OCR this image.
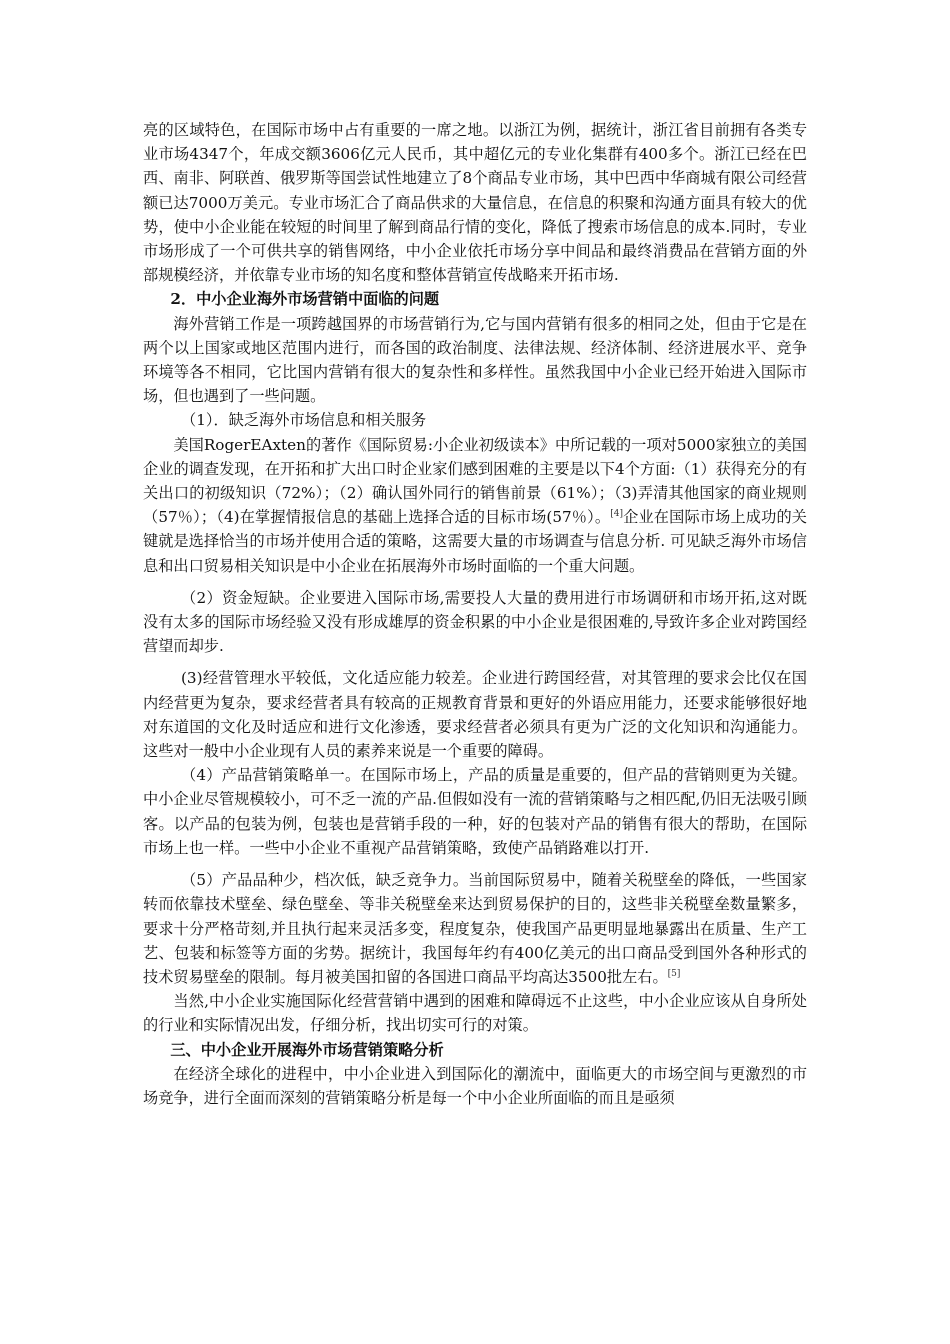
亮的区域特色，在国际市场中占有重要的一席之地。以浙江为例，据统计，浙江省目前拥有各类专业市场4347个，年成交额3606亿元人民币，其中超亿元的专业化集群有400多个。浙江已经在巴西、南非、阿联酋、俄罗斯等国尝试性地建立了8个商品专业市场，其中巴西中华商城有限公司经营额已达7000万美元。专业市场汇合了商品供求的大量信息，在信息的积聚和沟通方面具有较大的优势，使中小企业能在较短的时间里了解到商品行情的变化，降低了搜索市场信息的成本.同时，专业市场形成了一个可供共享的销售网络，中小企业依托市场分享中间品和最终消费品在营销方面的外部规模经济，并依靠专业市场的知名度和整体营销宣传战略来开拓市场.

2．中小企业海外市场营销中面临的问题

海外营销工作是一项跨越国界的市场营销行为,它与国内营销有很多的相同之处，但由于它是在两个以上国家或地区范围内进行，而各国的政治制度、法律法规、经济体制、经济进展水平、竞争环境等各不相同，它比国内营销有很大的复杂性和多样性。虽然我国中小企业已经开始进入国际市场，但也遇到了一些问题。

（1）．缺乏海外市场信息和相关服务

美国RogerEAxten的著作《国际贸易:小企业初级读本》中所记载的一项对5000家独立的美国企业的调查发现，在开拓和扩大出口时企业家们感到困难的主要是以下4个方面:（1）获得充分的有关出口的初级知识（72%）；（2）确认国外同行的销售前景（61%）；（3)弄清其他国家的商业规则（57％）；（4)在掌握情报信息的基础上选择合适的目标市场(57％）。[4]企业在国际市场上成功的关键就是选择恰当的市场并使用合适的策略，这需要大量的市场调查与信息分析. 可见缺乏海外市场信息和出口贸易相关知识是中小企业在拓展海外市场时面临的一个重大问题。

（2）资金短缺。企业要进入国际市场,需要投人大量的费用进行市场调研和市场开拓,这对既没有太多的国际市场经验又没有形成雄厚的资金积累的中小企业是很困难的,导致许多企业对跨国经营望而却步.

(3)经营管理水平较低，文化适应能力较差。企业进行跨国经营，对其管理的要求会比仅在国内经营更为复杂，要求经营者具有较高的正规教育背景和更好的外语应用能力，还要求能够很好地对东道国的文化及时适应和进行文化渗透，要求经营者必须具有更为广泛的文化知识和沟通能力。这些对一般中小企业现有人员的素养来说是一个重要的障碍。

（4）产品营销策略单一。在国际市场上，产品的质量是重要的，但产品的营销则更为关键。中小企业尽管规模较小，可不乏一流的产品.但假如没有一流的营销策略与之相匹配,仍旧无法吸引顾客。以产品的包装为例，包装也是营销手段的一种，好的包装对产品的销售有很大的帮助，在国际市场上也一样。一些中小企业不重视产品营销策略，致使产品销路难以打开.

（5）产品品种少，档次低，缺乏竞争力。当前国际贸易中，随着关税壁垒的降低，一些国家转而依靠技术壁垒、绿色壁垒、等非关税壁垒来达到贸易保护的目的，这些非关税壁垒数量繁多，要求十分严格苛刻,并且执行起来灵活多变，程度复杂，使我国产品更明显地暴露出在质量、生产工艺、包装和标签等方面的劣势。据统计，我国每年约有400亿美元的出口商品受到国外各种形式的技术贸易壁垒的限制。每月被美国扣留的各国进口商品平均高达3500批左右。[5]

当然,中小企业实施国际化经营营销中遇到的困难和障碍远不止这些，中小企业应该从自身所处的行业和实际情况出发，仔细分析，找出切实可行的对策。

三、中小企业开展海外市场营销策略分析

在经济全球化的进程中，中小企业进入到国际化的潮流中，面临更大的市场空间与更激烈的市场竞争，进行全面而深刻的营销策略分析是每一个中小企业所面临的而且是亟须
